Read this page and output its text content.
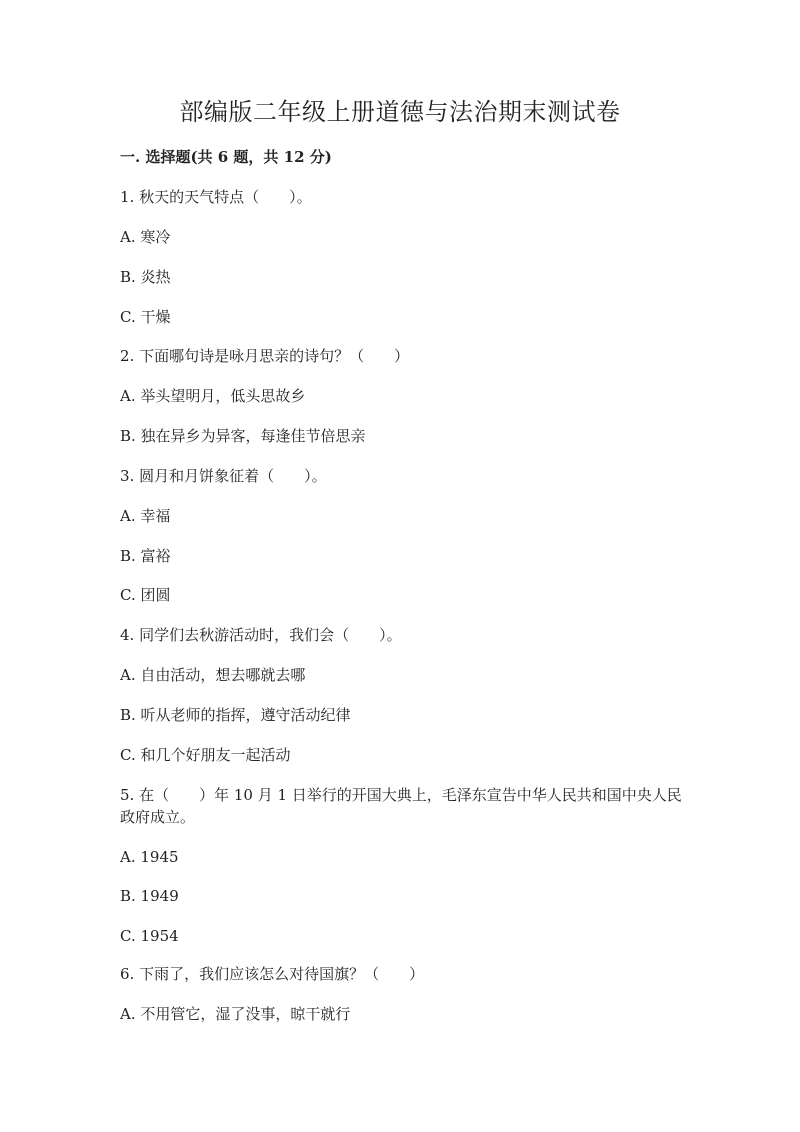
部编版二年级上册道德与法治期末测试卷
一. 选择题(共 6 题，共 12 分)
1. 秋天的天气特点（　　）。
A. 寒冷
B. 炎热
C. 干燥
2. 下面哪句诗是咏月思亲的诗句？（　　）
A. 举头望明月，低头思故乡
B. 独在异乡为异客，每逢佳节倍思亲
3. 圆月和月饼象征着（　　）。
A. 幸福
B. 富裕
C. 团圆
4. 同学们去秋游活动时，我们会（　　）。
A. 自由活动，想去哪就去哪
B. 听从老师的指挥，遵守活动纪律
C. 和几个好朋友一起活动
5. 在（　　）年 10 月 1 日举行的开国大典上，毛泽东宣告中华人民共和国中央人民政府成立。
A. 1945
B. 1949
C. 1954
6. 下雨了，我们应该怎么对待国旗？（　　）
A. 不用管它，湿了没事，晾干就行
